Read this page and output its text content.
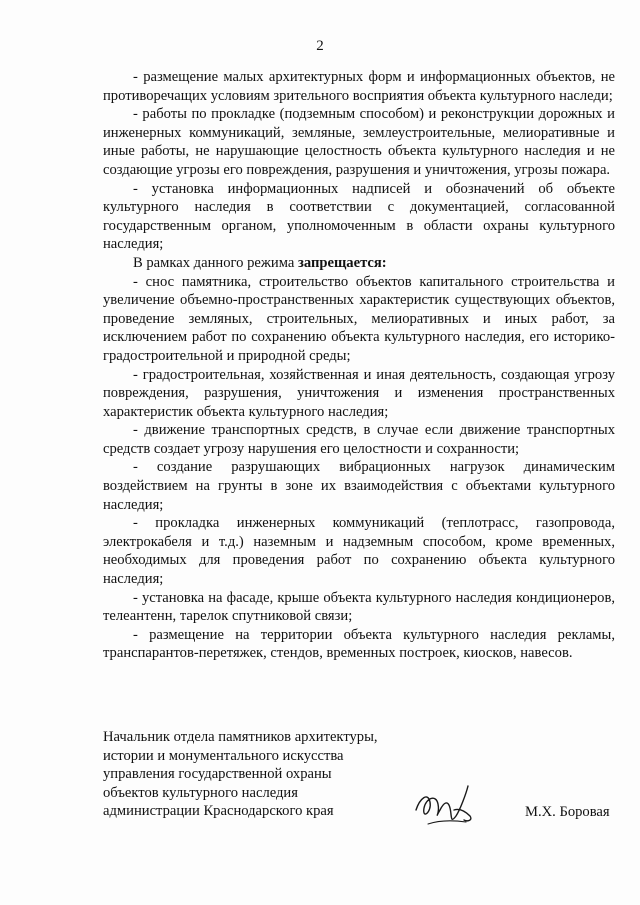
2

- размещение малых архитектурных форм и информационных объектов, не противоречащих условиям зрительного восприятия объекта культурного наследи;

- работы по прокладке (подземным способом) и реконструкции дорожных и инженерных коммуникаций, земляные, землеустроительные, мелиоративные и иные работы, не нарушающие целостность объекта культурного наследия и не создающие угрозы его повреждения, разрушения и уничтожения, угрозы пожара.

- установка информационных надписей и обозначений об объекте культурного наследия в соответствии с документацией, согласованной государственным органом, уполномоченным в области охраны культурного наследия;

В рамках данного режима запрещается:

- снос памятника, строительство объектов капитального строительства и увеличение объемно-пространственных характеристик существующих объектов, проведение земляных, строительных, мелиоративных и иных работ, за исключением работ по сохранению объекта культурного наследия, его историко-градостроительной и природной среды;

- градостроительная, хозяйственная и иная деятельность, создающая угрозу повреждения, разрушения, уничтожения и изменения пространственных характеристик объекта культурного наследия;

- движение транспортных средств, в случае если движение транспортных средств создает угрозу нарушения его целостности и сохранности;

- создание разрушающих вибрационных нагрузок динамическим воздействием на грунты в зоне их взаимодействия с объектами культурного наследия;

- прокладка инженерных коммуникаций (теплотрасс, газопровода, электрокабеля и т.д.) наземным и надземным способом, кроме временных, необходимых для проведения работ по сохранению объекта культурного наследия;

- установка на фасаде, крыше объекта культурного наследия кондиционеров, телеантенн, тарелок спутниковой связи;

- размещение на территории объекта культурного наследия рекламы, транспарантов-перетяжек, стендов, временных построек, киосков, навесов.

Начальник отдела памятников архитектуры,
истории и монументального искусства
управления государственной охраны
объектов культурного наследия
администрации Краснодарского края	М.Х. Боровая
